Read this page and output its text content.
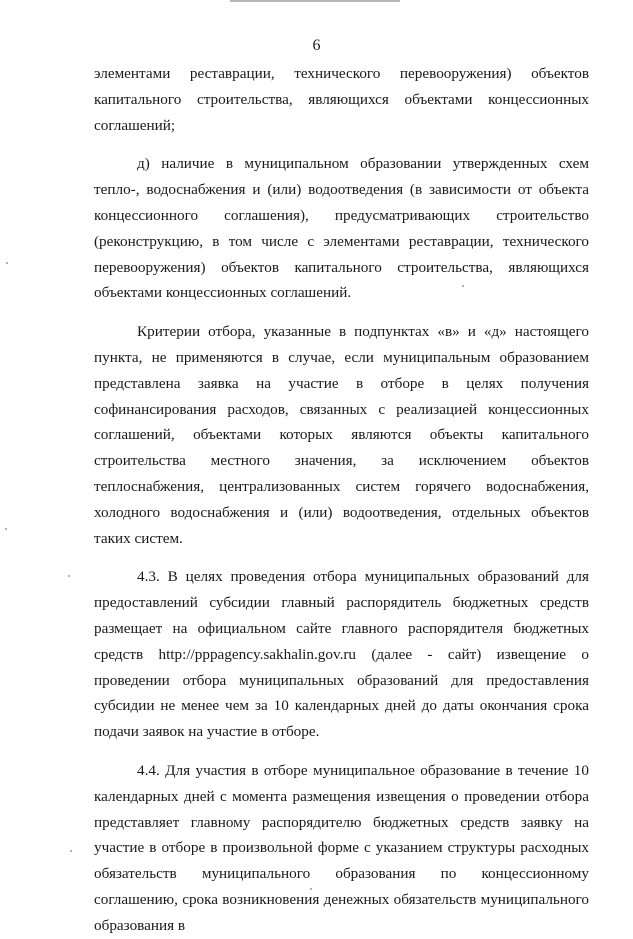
6

элементами реставрации, технического перевооружения) объектов капитального строительства, являющихся объектами концессионных соглашений;

д) наличие в муниципальном образовании утвержденных схем тепло-, водоснабжения и (или) водоотведения (в зависимости от объекта концессионного соглашения), предусматривающих строительство (реконструкцию, в том числе с элементами реставрации, технического перевооружения) объектов капитального строительства, являющихся объектами концессионных соглашений.

Критерии отбора, указанные в подпунктах «в» и «д» настоящего пункта, не применяются в случае, если муниципальным образованием представлена заявка на участие в отборе в целях получения софинансирования расходов, связанных с реализацией концессионных соглашений, объектами которых являются объекты капитального строительства местного значения, за исключением объектов теплоснабжения, централизованных систем горячего водоснабжения, холодного водоснабжения и (или) водоотведения, отдельных объектов таких систем.

4.3. В целях проведения отбора муниципальных образований для предоставлений субсидии главный распорядитель бюджетных средств размещает на официальном сайте главного распорядителя бюджетных средств http://pppagency.sakhalin.gov.ru (далее - сайт) извещение о проведении отбора муниципальных образований для предоставления субсидии не менее чем за 10 календарных дней до даты окончания срока подачи заявок на участие в отборе.

4.4. Для участия в отборе муниципальное образование в течение 10 календарных дней с момента размещения извещения о проведении отбора представляет главному распорядителю бюджетных средств заявку на участие в отборе в произвольной форме с указанием структуры расходных обязательств муниципального образования по концессионному соглашению, срока возникновения денежных обязательств муниципального образования в
